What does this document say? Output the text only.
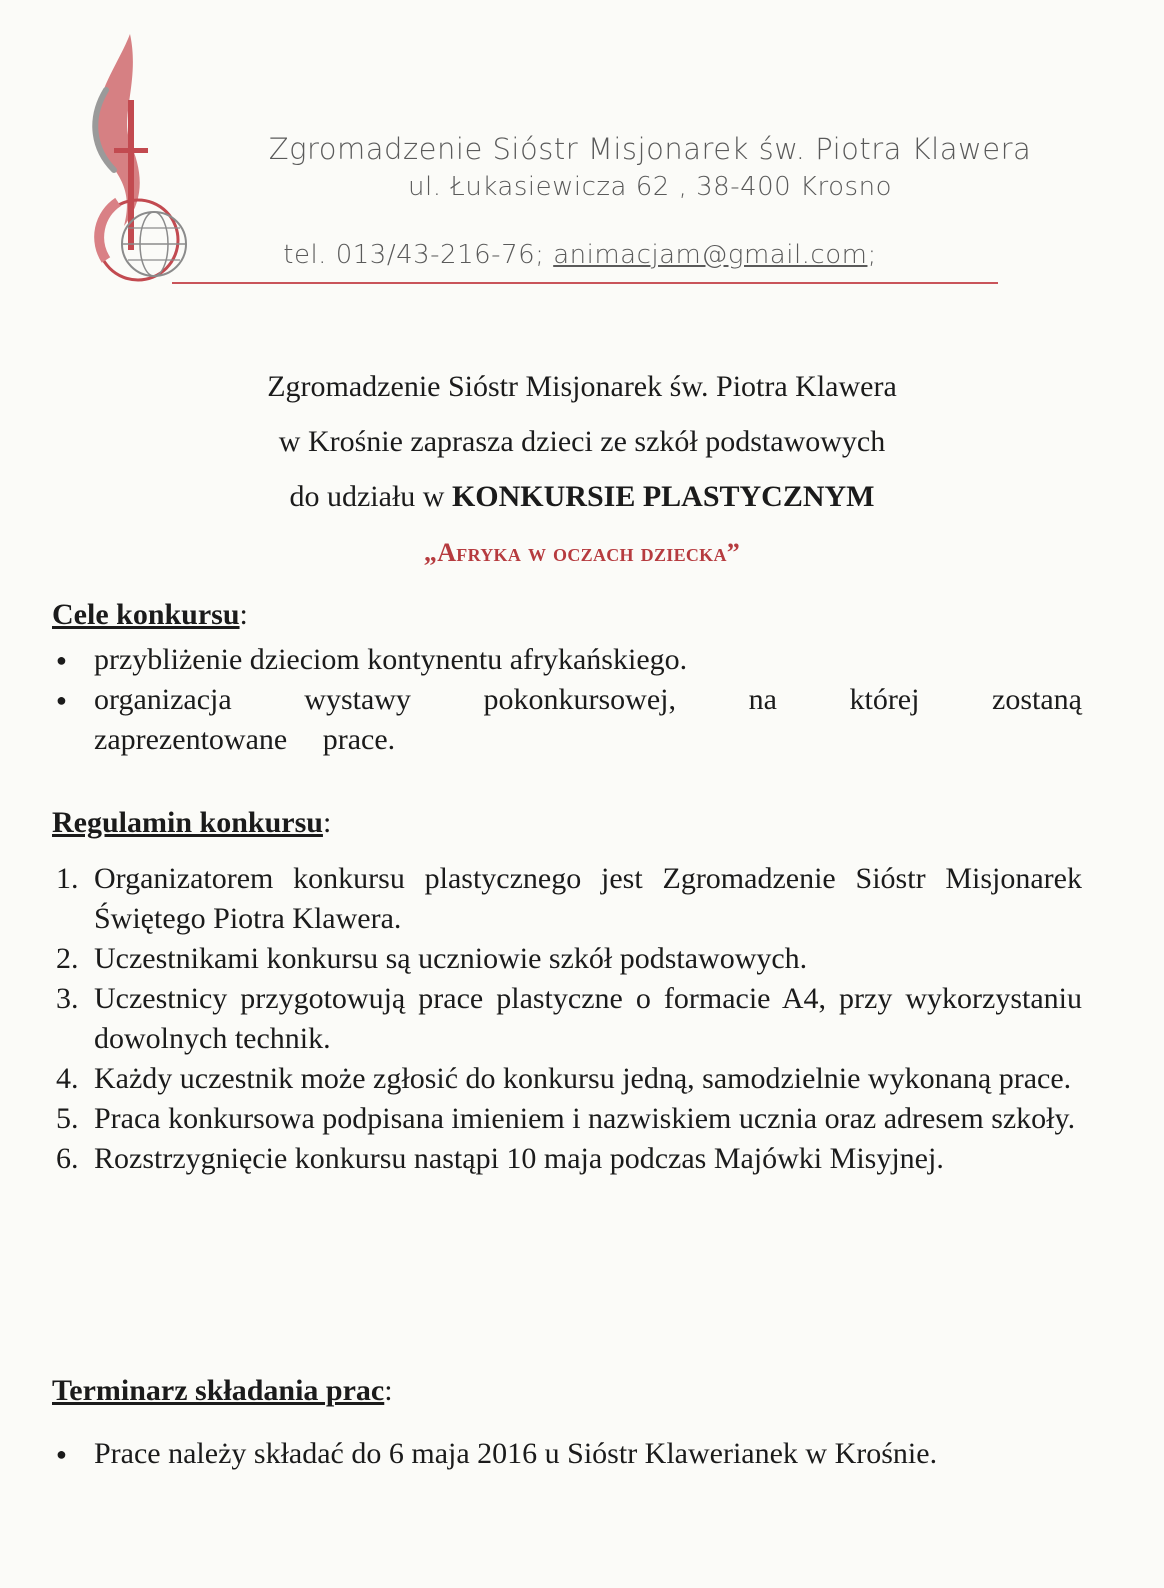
Zgromadzenie Sióstr Misjonarek św. Piotra Klawera
ul. Łukasiewicza 62 , 38-400 Krosno
tel. 013/43-216-76; animacjam@gmail.com;
Zgromadzenie Sióstr Misjonarek św. Piotra Klawera
w Krośnie zaprasza dzieci ze szkół podstawowych
do udziału w KONKURSIE PLASTYCZNYM
„Afryka w oczach dziecka”
Cele konkursu:
● przybliżenie dzieciom kontynentu afrykańskiego.
● organizacja wystawy pokonkursowej, na której zostaną zaprezentowane prace.
Regulamin konkursu:
1. Organizatorem konkursu plastycznego jest Zgromadzenie Sióstr Misjonarek Świętego Piotra Klawera.
2. Uczestnikami konkursu są uczniowie szkół podstawowych.
3. Uczestnicy przygotowują prace plastyczne o formacie A4, przy wykorzystaniu dowolnych technik.
4. Każdy uczestnik może zgłosić do konkursu jedną, samodzielnie wykonaną prace.
5. Praca konkursowa podpisana imieniem i nazwiskiem ucznia oraz adresem szkoły.
6. Rozstrzygnięcie konkursu nastąpi 10 maja podczas Majówki Misyjnej.
Terminarz składania prac:
● Prace należy składać do 6 maja 2016 u Sióstr Klawerianek w Krośnie.
